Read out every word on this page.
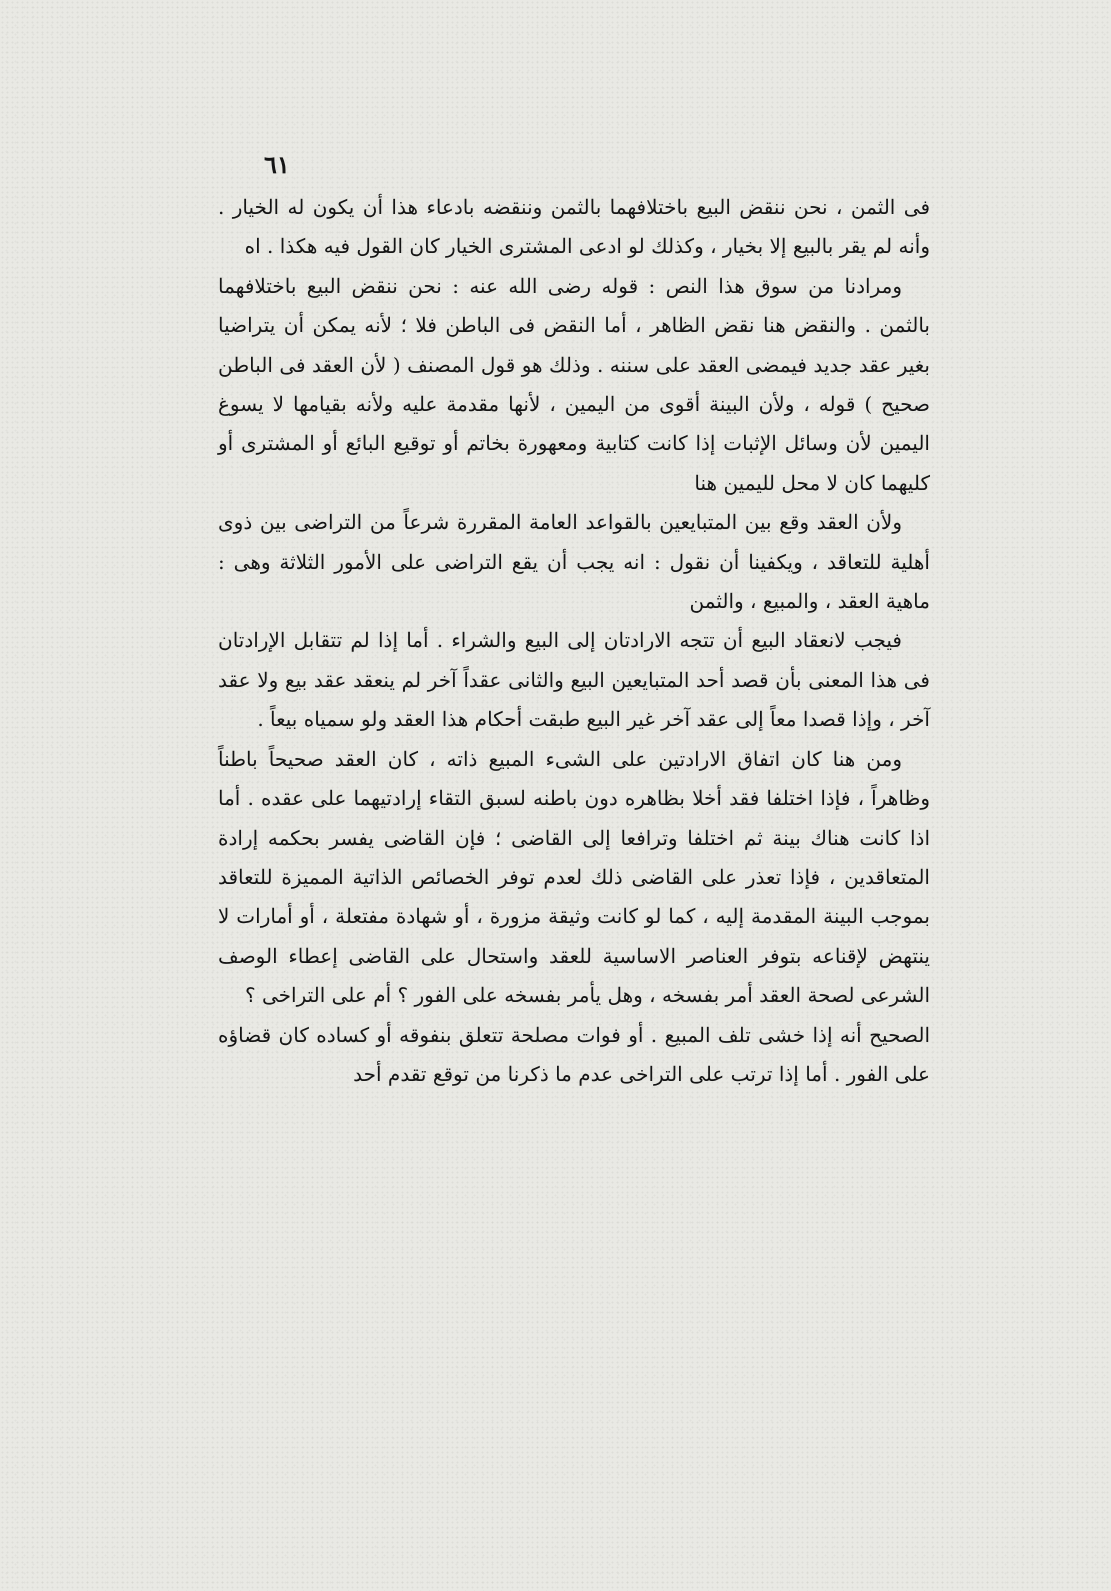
٦١

فى الثمن ، نحن ننقض البيع باختلافهما بالثمن وننقضه بادعاء هذا أن يكون له الخيار . وأنه لم يقر بالبيع إلا بخيار ، وكذلك لو ادعى المشترى الخيار كان القول فيه هكذا . اه

ومرادنا من سوق هذا النص : قوله رضى الله عنه : نحن ننقض البيع باختلافهما بالثمن . والنقض هنا نقض الظاهر ، أما النقض فى الباطن فلا ؛ لأنه يمكن أن يتراضيا بغير عقد جديد فيمضى العقد على سننه . وذلك هو قول المصنف ( لأن العقد فى الباطن صحيح ) قوله ، ولأن البينة أقوى من اليمين ، لأنها مقدمة عليه ولأنه بقيامها لا يسوغ اليمين لأن وسائل الإثبات إذا كانت كتابية ومعهورة بخاتم أو توقيع البائع أو المشترى أو كليهما كان لا محل لليمين هنا

ولأن العقد وقع بين المتبايعين بالقواعد العامة المقررة شرعاً من التراضى بين ذوى أهلية للتعاقد ، ويكفينا أن نقول : انه يجب أن يقع التراضى على الأمور الثلاثة وهى : ماهية العقد ، والمبيع ، والثمن

فيجب لانعقاد البيع أن تتجه الارادتان إلى البيع والشراء . أما إذا لم تتقابل الإرادتان فى هذا المعنى بأن قصد أحد المتبايعين البيع والثانى عقداً آخر لم ينعقد عقد بيع ولا عقد آخر ، وإذا قصدا معاً إلى عقد آخر غير البيع طبقت أحكام هذا العقد ولو سمياه بيعاً .

ومن هنا كان اتفاق الارادتين على الشىء المبيع ذاته ، كان العقد صحيحاً باطناً وظاهراً ، فإذا اختلفا فقد أخلا بظاهره دون باطنه لسبق التقاء إرادتيهما على عقده . أما اذا كانت هناك بينة ثم اختلفا وترافعا إلى القاضى ؛ فإن القاضى يفسر بحكمه إرادة المتعاقدين ، فإذا تعذر على القاضى ذلك لعدم توفر الخصائص الذاتية المميزة للتعاقد بموجب البينة المقدمة إليه ، كما لو كانت وثيقة مزورة ، أو شهادة مفتعلة ، أو أمارات لا ينتهض لإقناعه بتوفر العناصر الاساسية للعقد واستحال على القاضى إعطاء الوصف الشرعى لصحة العقد أمر بفسخه ، وهل يأمر بفسخه على الفور ؟ أم على التراخى ؟

الصحيح أنه إذا خشى تلف المبيع . أو فوات مصلحة تتعلق بنفوقه أو كساده كان قضاؤه على الفور . أما إذا ترتب على التراخى عدم ما ذكرنا من توقع تقدم أحد
